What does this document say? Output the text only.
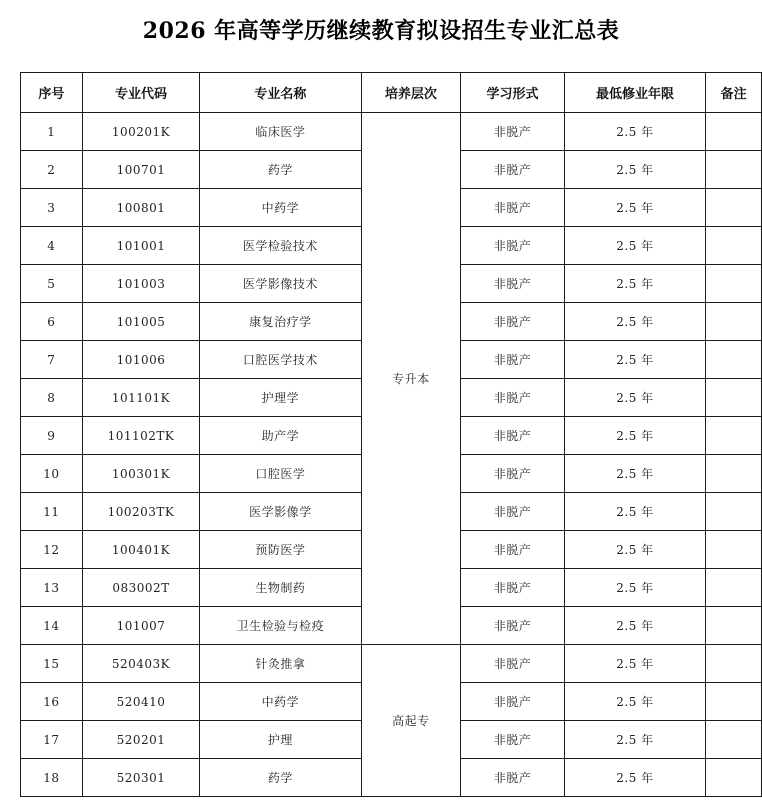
2026 年高等学历继续教育拟设招生专业汇总表
序号	专业代码	专业名称	培养层次	学习形式	最低修业年限	备注
1	100201K	临床医学	专升本	非脱产	2.5 年	
2	100701	药学		非脱产	2.5 年	
3	100801	中药学		非脱产	2.5 年	
4	101001	医学检验技术		非脱产	2.5 年	
5	101003	医学影像技术		非脱产	2.5 年	
6	101005	康复治疗学		非脱产	2.5 年	
7	101006	口腔医学技术		非脱产	2.5 年	
8	101101K	护理学		非脱产	2.5 年	
9	101102TK	助产学		非脱产	2.5 年	
10	100301K	口腔医学		非脱产	2.5 年	
11	100203TK	医学影像学		非脱产	2.5 年	
12	100401K	预防医学		非脱产	2.5 年	
13	083002T	生物制药		非脱产	2.5 年	
14	101007	卫生检验与检疫		非脱产	2.5 年	
15	520403K	针灸推拿	高起专	非脱产	2.5 年	
16	520410	中药学		非脱产	2.5 年	
17	520201	护理		非脱产	2.5 年	
18	520301	药学		非脱产	2.5 年	
